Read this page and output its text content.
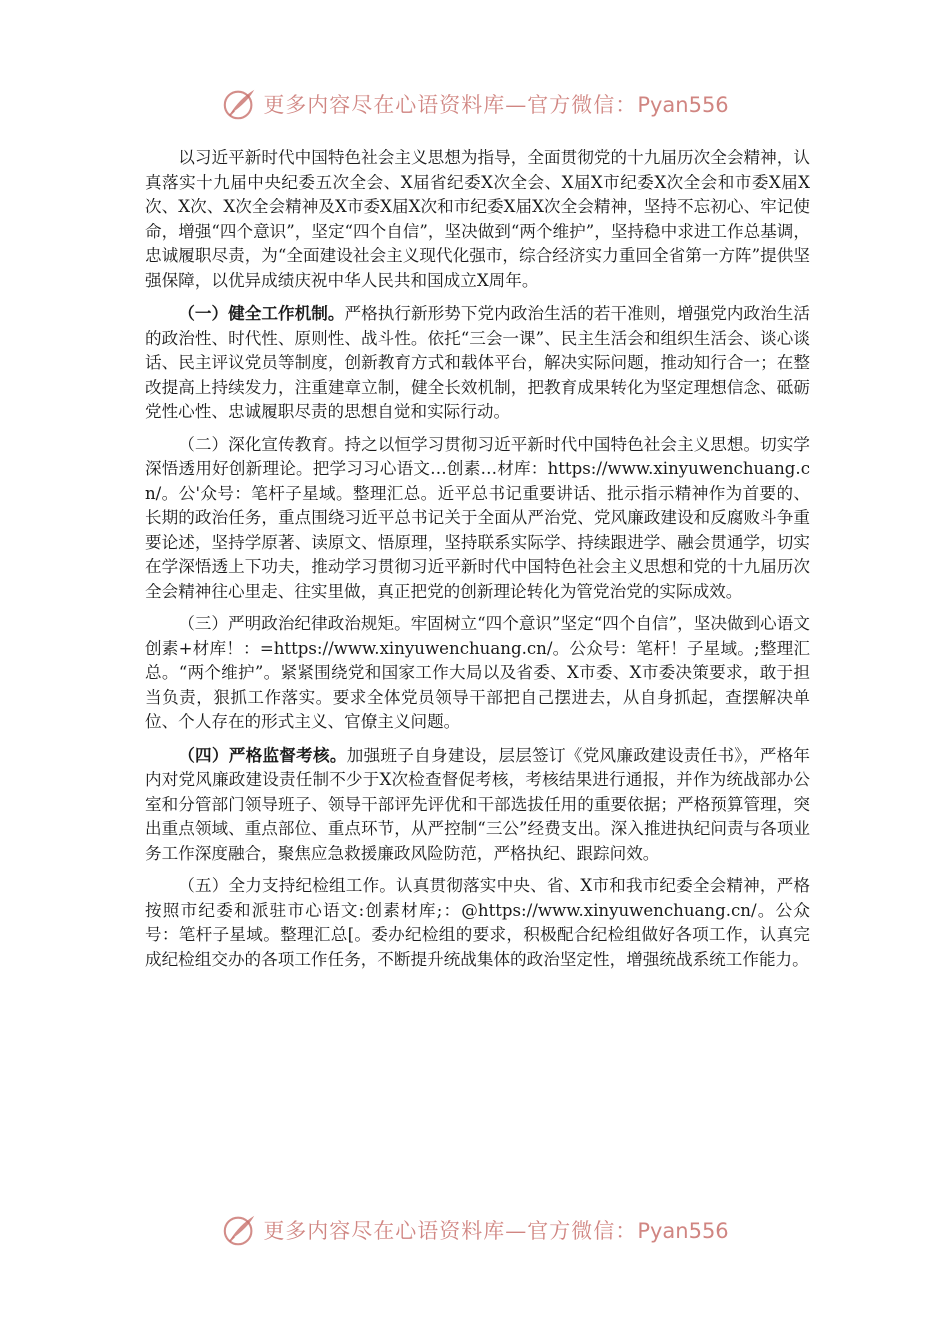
更多内容尽在心语资料库—官方微信：Pyan556

以习近平新时代中国特色社会主义思想为指导，全面贯彻党的十九届历次全会精神，认真落实十九届中央纪委五次全会、X届省纪委X次全会、X届X市纪委X次全会和市委X届X次、X次、X次全会精神及X市委X届X次和市纪委X届X次全会精神，坚持不忘初心、牢记使命，增强“四个意识”，坚定“四个自信”，坚决做到“两个维护”，坚持稳中求进工作总基调，忠诚履职尽责，为“全面建设社会主义现代化强市，综合经济实力重回全省第一方阵”提供坚强保障，以优异成绩庆祝中华人民共和国成立X周年。

（一）健全工作机制。严格执行新形势下党内政治生活的若干准则，增强党内政治生活的政治性、时代性、原则性、战斗性。依托“三会一课”、民主生活会和组织生活会、谈心谈话、民主评议党员等制度，创新教育方式和载体平台，解决实际问题，推动知行合一；在整改提高上持续发力，注重建章立制，健全长效机制，把教育成果转化为坚定理想信念、砥砺党性心性、忠诚履职尽责的思想自觉和实际行动。

（二）深化宣传教育。持之以恒学习贯彻习近平新时代中国特色社会主义思想。切实学深悟透用好创新理论。把学习习心语文…创素…材库：https://www.xinyuwenchuang.cn/。公'众号：笔杆子星域。整理汇总。近平总书记重要讲话、批示指示精神作为首要的、长期的政治任务，重点围绕习近平总书记关于全面从严治党、党风廉政建设和反腐败斗争重要论述，坚持学原著、读原文、悟原理，坚持联系实际学、持续跟进学、融会贯通学，切实在学深悟透上下功夫，推动学习贯彻习近平新时代中国特色社会主义思想和党的十九届历次全会精神往心里走、往实里做，真正把党的创新理论转化为管党治党的实际成效。

（三）严明政治纪律政治规矩。牢固树立“四个意识”坚定“四个自信”，坚决做到心语文创素+材库！：=https://www.xinyuwenchuang.cn/。公众号：笔杆！子星域。;整理汇总。“两个维护”。紧紧围绕党和国家工作大局以及省委、X市委、X市委决策要求，敢于担当负责，狠抓工作落实。要求全体党员领导干部把自己摆进去，从自身抓起，查摆解决单位、个人存在的形式主义、官僚主义问题。

（四）严格监督考核。加强班子自身建设，层层签订《党风廉政建设责任书》，严格年内对党风廉政建设责任制不少于X次检查督促考核，考核结果进行通报，并作为统战部办公室和分管部门领导班子、领导干部评先评优和干部选拔任用的重要依据；严格预算管理，突出重点领域、重点部位、重点环节，从严控制“三公”经费支出。深入推进执纪问责与各项业务工作深度融合，聚焦应急救援廉政风险防范，严格执纪、跟踪问效。

（五）全力支持纪检组工作。认真贯彻落实中央、省、X市和我市纪委全会精神，严格按照市纪委和派驻市心语文:创素材库;：@https://www.xinyuwenchuang.cn/。公众号：笔杆子星域。整理汇总[。委办纪检组的要求，积极配合纪检组做好各项工作，认真完成纪检组交办的各项工作任务，不断提升统战集体的政治坚定性，增强统战系统工作能力。

更多内容尽在心语资料库—官方微信：Pyan556
